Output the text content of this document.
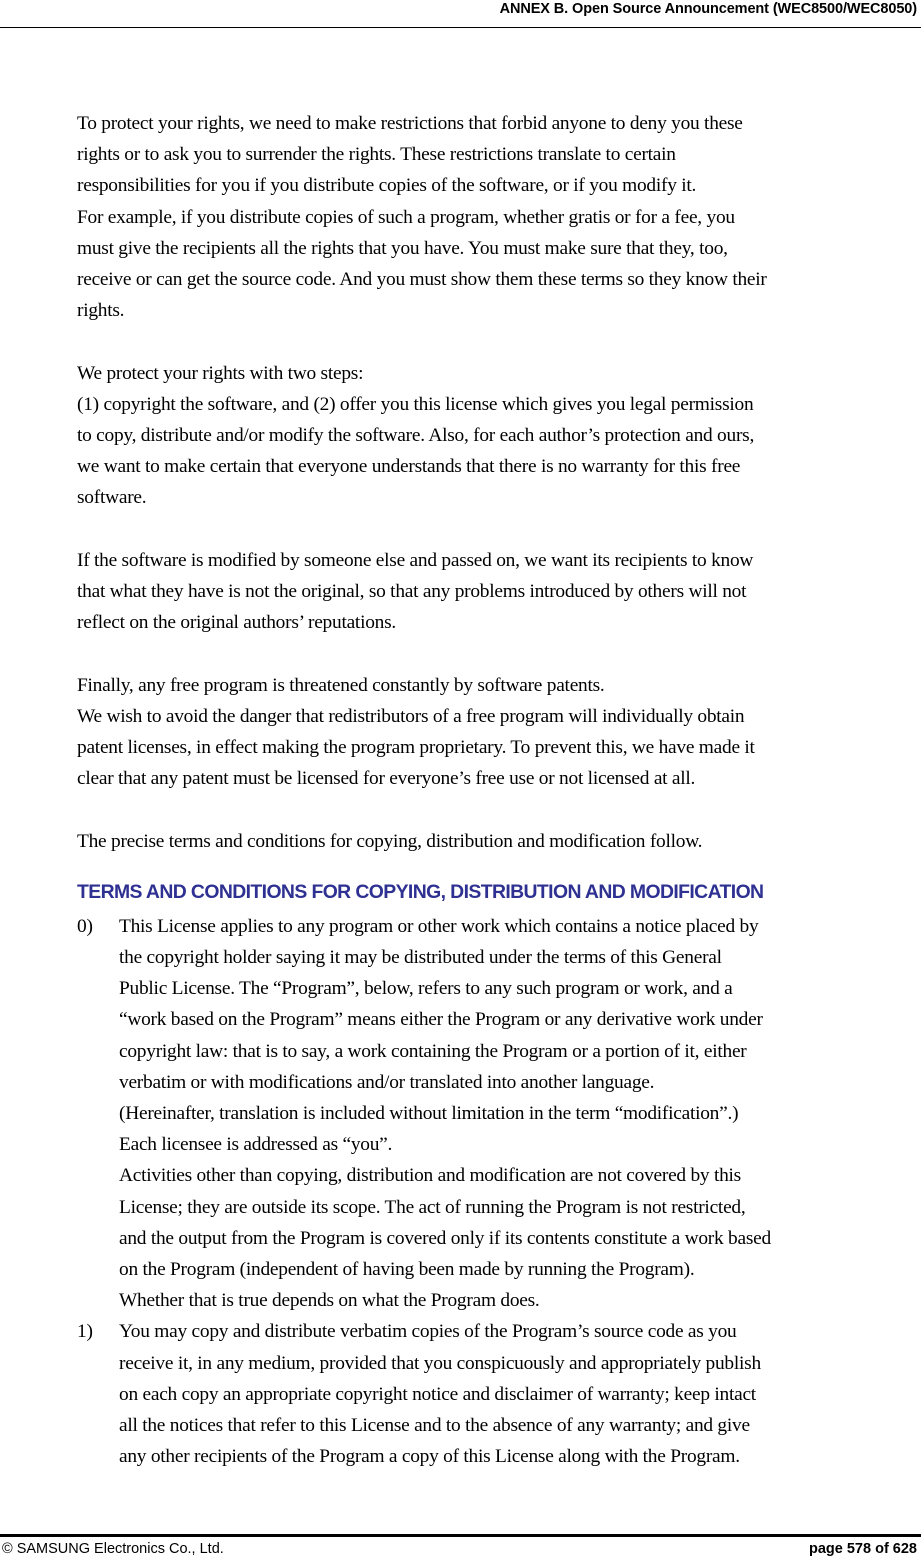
ANNEX B. Open Source Announcement (WEC8500/WEC8050)
To protect your rights, we need to make restrictions that forbid anyone to deny you these
rights or to ask you to surrender the rights. These restrictions translate to certain
responsibilities for you if you distribute copies of the software, or if you modify it.
For example, if you distribute copies of such a program, whether gratis or for a fee, you
must give the recipients all the rights that you have. You must make sure that they, too,
receive or can get the source code. And you must show them these terms so they know their
rights.
We protect your rights with two steps:
(1) copyright the software, and (2) offer you this license which gives you legal permission
to copy, distribute and/or modify the software. Also, for each author’s protection and ours,
we want to make certain that everyone understands that there is no warranty for this free
software.
If the software is modified by someone else and passed on, we want its recipients to know
that what they have is not the original, so that any problems introduced by others will not
reflect on the original authors’ reputations.
Finally, any free program is threatened constantly by software patents.
We wish to avoid the danger that redistributors of a free program will individually obtain
patent licenses, in effect making the program proprietary. To prevent this, we have made it
clear that any patent must be licensed for everyone’s free use or not licensed at all.
The precise terms and conditions for copying, distribution and modification follow.
TERMS AND CONDITIONS FOR COPYING, DISTRIBUTION AND MODIFICATION
0) This License applies to any program or other work which contains a notice placed by
the copyright holder saying it may be distributed under the terms of this General
Public License. The “Program”, below, refers to any such program or work, and a
“work based on the Program” means either the Program or any derivative work under
copyright law: that is to say, a work containing the Program or a portion of it, either
verbatim or with modifications and/or translated into another language.
(Hereinafter, translation is included without limitation in the term “modification”.)
Each licensee is addressed as “you”.
Activities other than copying, distribution and modification are not covered by this
License; they are outside its scope. The act of running the Program is not restricted,
and the output from the Program is covered only if its contents constitute a work based
on the Program (independent of having been made by running the Program).
Whether that is true depends on what the Program does.
1) You may copy and distribute verbatim copies of the Program’s source code as you
receive it, in any medium, provided that you conspicuously and appropriately publish
on each copy an appropriate copyright notice and disclaimer of warranty; keep intact
all the notices that refer to this License and to the absence of any warranty; and give
any other recipients of the Program a copy of this License along with the Program.
© SAMSUNG Electronics Co., Ltd.	page 578 of 628
